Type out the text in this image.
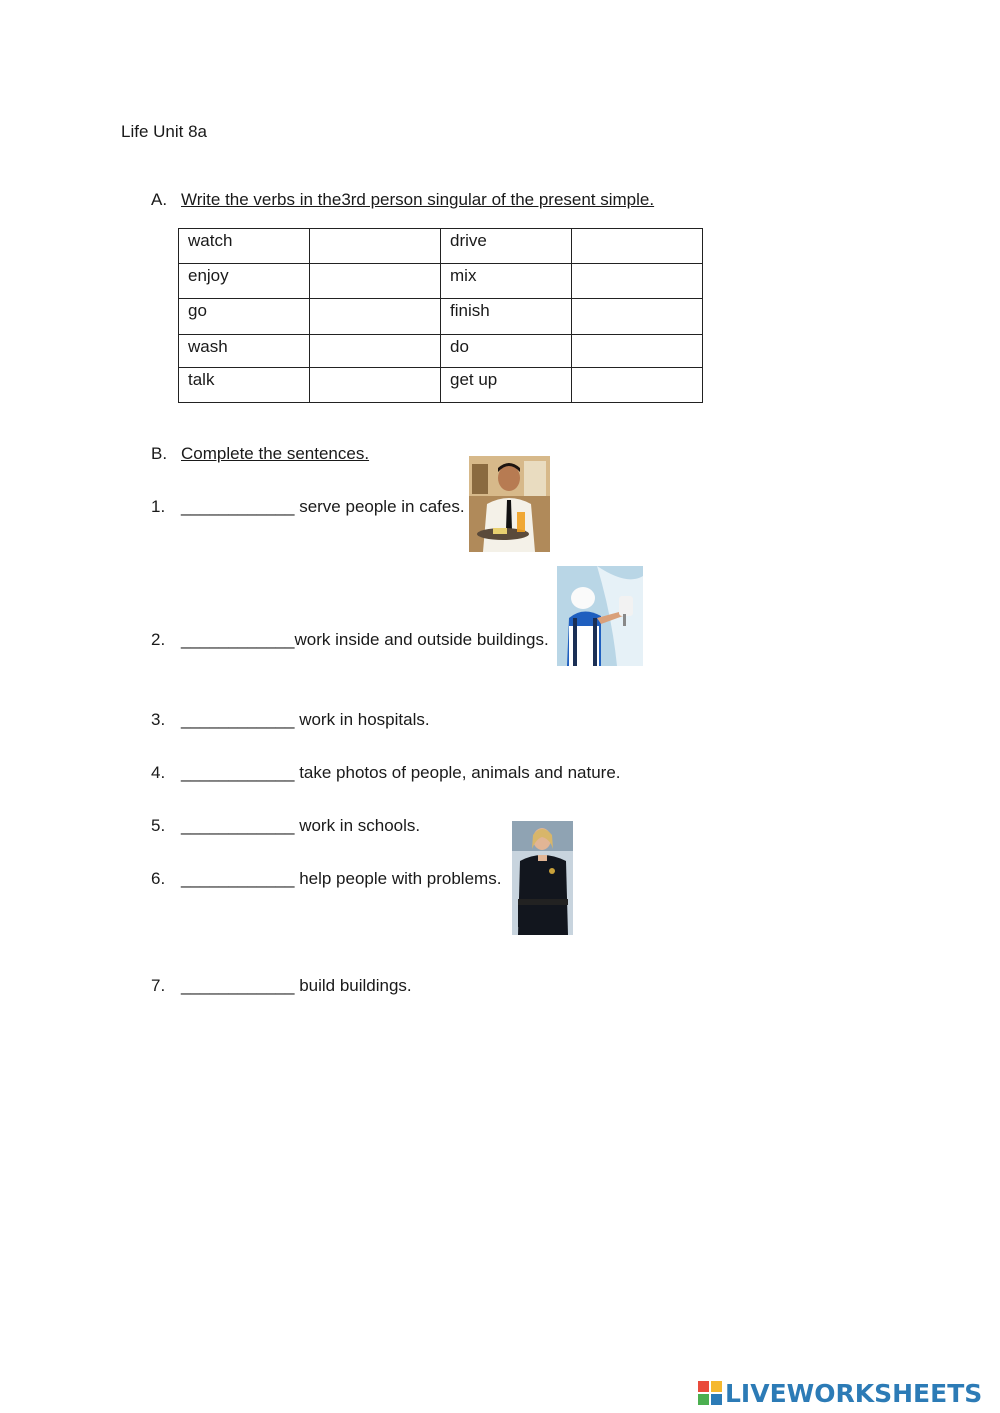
Life Unit 8a
A. Write the verbs in the3rd person singular of the present simple.
watch		drive	
enjoy		mix	
go		finish	
wash		do	
talk		get up	
B. Complete the sentences.
1. ____________ serve people in cafes.
2. ____________work inside and outside buildings.
3. ____________ work in hospitals.
4. ____________ take photos of people, animals and nature.
5. ____________ work in schools.
6. ____________ help people with problems.
7. ____________ build buildings.
LIVEWORKSHEETS
